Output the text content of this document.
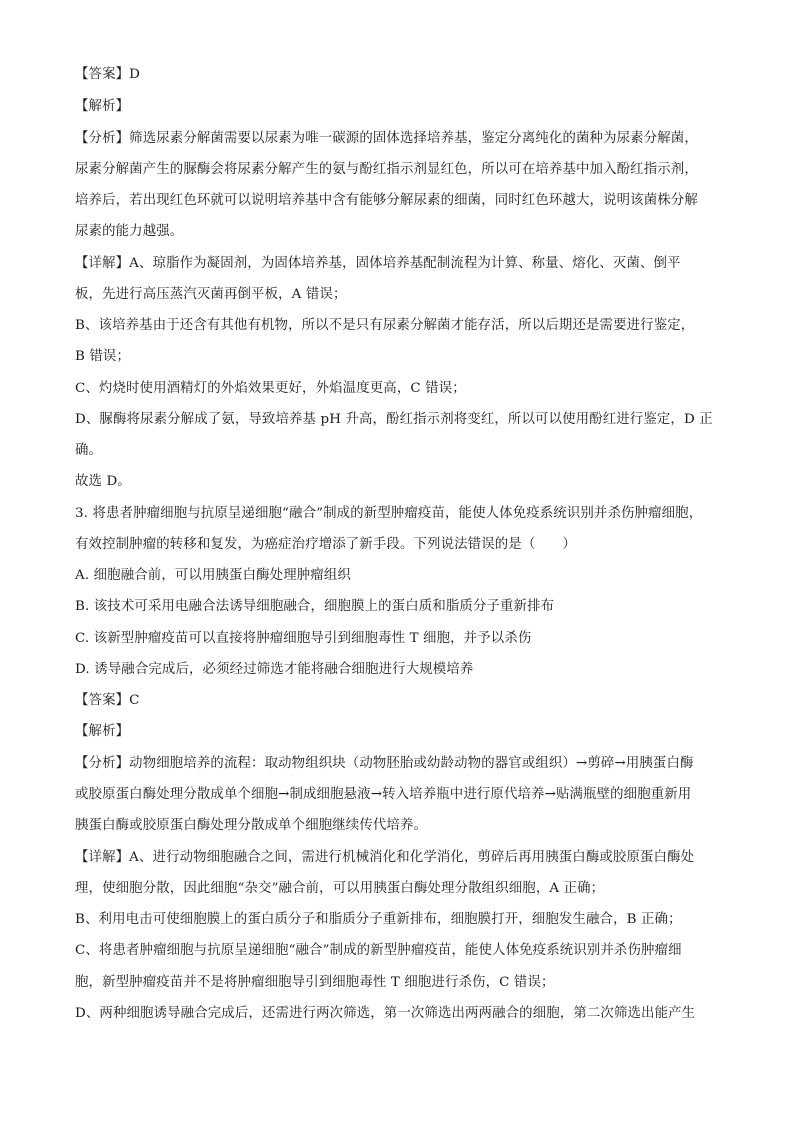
【答案】D
【解析】
【分析】筛选尿素分解菌需要以尿素为唯一碳源的固体选择培养基，鉴定分离纯化的菌种为尿素分解菌，
尿素分解菌产生的脲酶会将尿素分解产生的氨与酚红指示剂显红色，所以可在培养基中加入酚红指示剂，
培养后，若出现红色环就可以说明培养基中含有能够分解尿素的细菌，同时红色环越大，说明该菌株分解
尿素的能力越强。
【详解】A、琼脂作为凝固剂，为固体培养基，固体培养基配制流程为计算、称量、熔化、灭菌、倒平
板，先进行高压蒸汽灭菌再倒平板，A 错误；
B、该培养基由于还含有其他有机物，所以不是只有尿素分解菌才能存活，所以后期还是需要进行鉴定，
B 错误；
C、灼烧时使用酒精灯的外焰效果更好，外焰温度更高，C 错误；
D、脲酶将尿素分解成了氨，导致培养基 pH 升高，酚红指示剂将变红，所以可以使用酚红进行鉴定，D 正
确。
故选 D。
3. 将患者肿瘤细胞与抗原呈递细胞“融合”制成的新型肿瘤疫苗，能使人体免疫系统识别并杀伤肿瘤细胞，
有效控制肿瘤的转移和复发，为癌症治疗增添了新手段。下列说法错误的是（　　）
A. 细胞融合前，可以用胰蛋白酶处理肿瘤组织
B. 该技术可采用电融合法诱导细胞融合，细胞膜上的蛋白质和脂质分子重新排布
C. 该新型肿瘤疫苗可以直接将肿瘤细胞导引到细胞毒性 T 细胞，并予以杀伤
D. 诱导融合完成后，必须经过筛选才能将融合细胞进行大规模培养
【答案】C
【解析】
【分析】动物细胞培养的流程：取动物组织块（动物胚胎或幼龄动物的器官或组织）→剪碎→用胰蛋白酶
或胶原蛋白酶处理分散成单个细胞→制成细胞悬液→转入培养瓶中进行原代培养→贴满瓶壁的细胞重新用
胰蛋白酶或胶原蛋白酶处理分散成单个细胞继续传代培养。
【详解】A、进行动物细胞融合之间，需进行机械消化和化学消化，剪碎后再用胰蛋白酶或胶原蛋白酶处
理，使细胞分散，因此细胞“杂交”融合前，可以用胰蛋白酶处理分散组织细胞，A 正确；
B、利用电击可使细胞膜上的蛋白质分子和脂质分子重新排布，细胞膜打开，细胞发生融合，B 正确；
C、将患者肿瘤细胞与抗原呈递细胞“融合”制成的新型肿瘤疫苗，能使人体免疫系统识别并杀伤肿瘤细
胞，新型肿瘤疫苗并不是将肿瘤细胞导引到细胞毒性 T 细胞进行杀伤，C 错误；
D、两种细胞诱导融合完成后，还需进行两次筛选，第一次筛选出两两融合的细胞，第二次筛选出能产生
